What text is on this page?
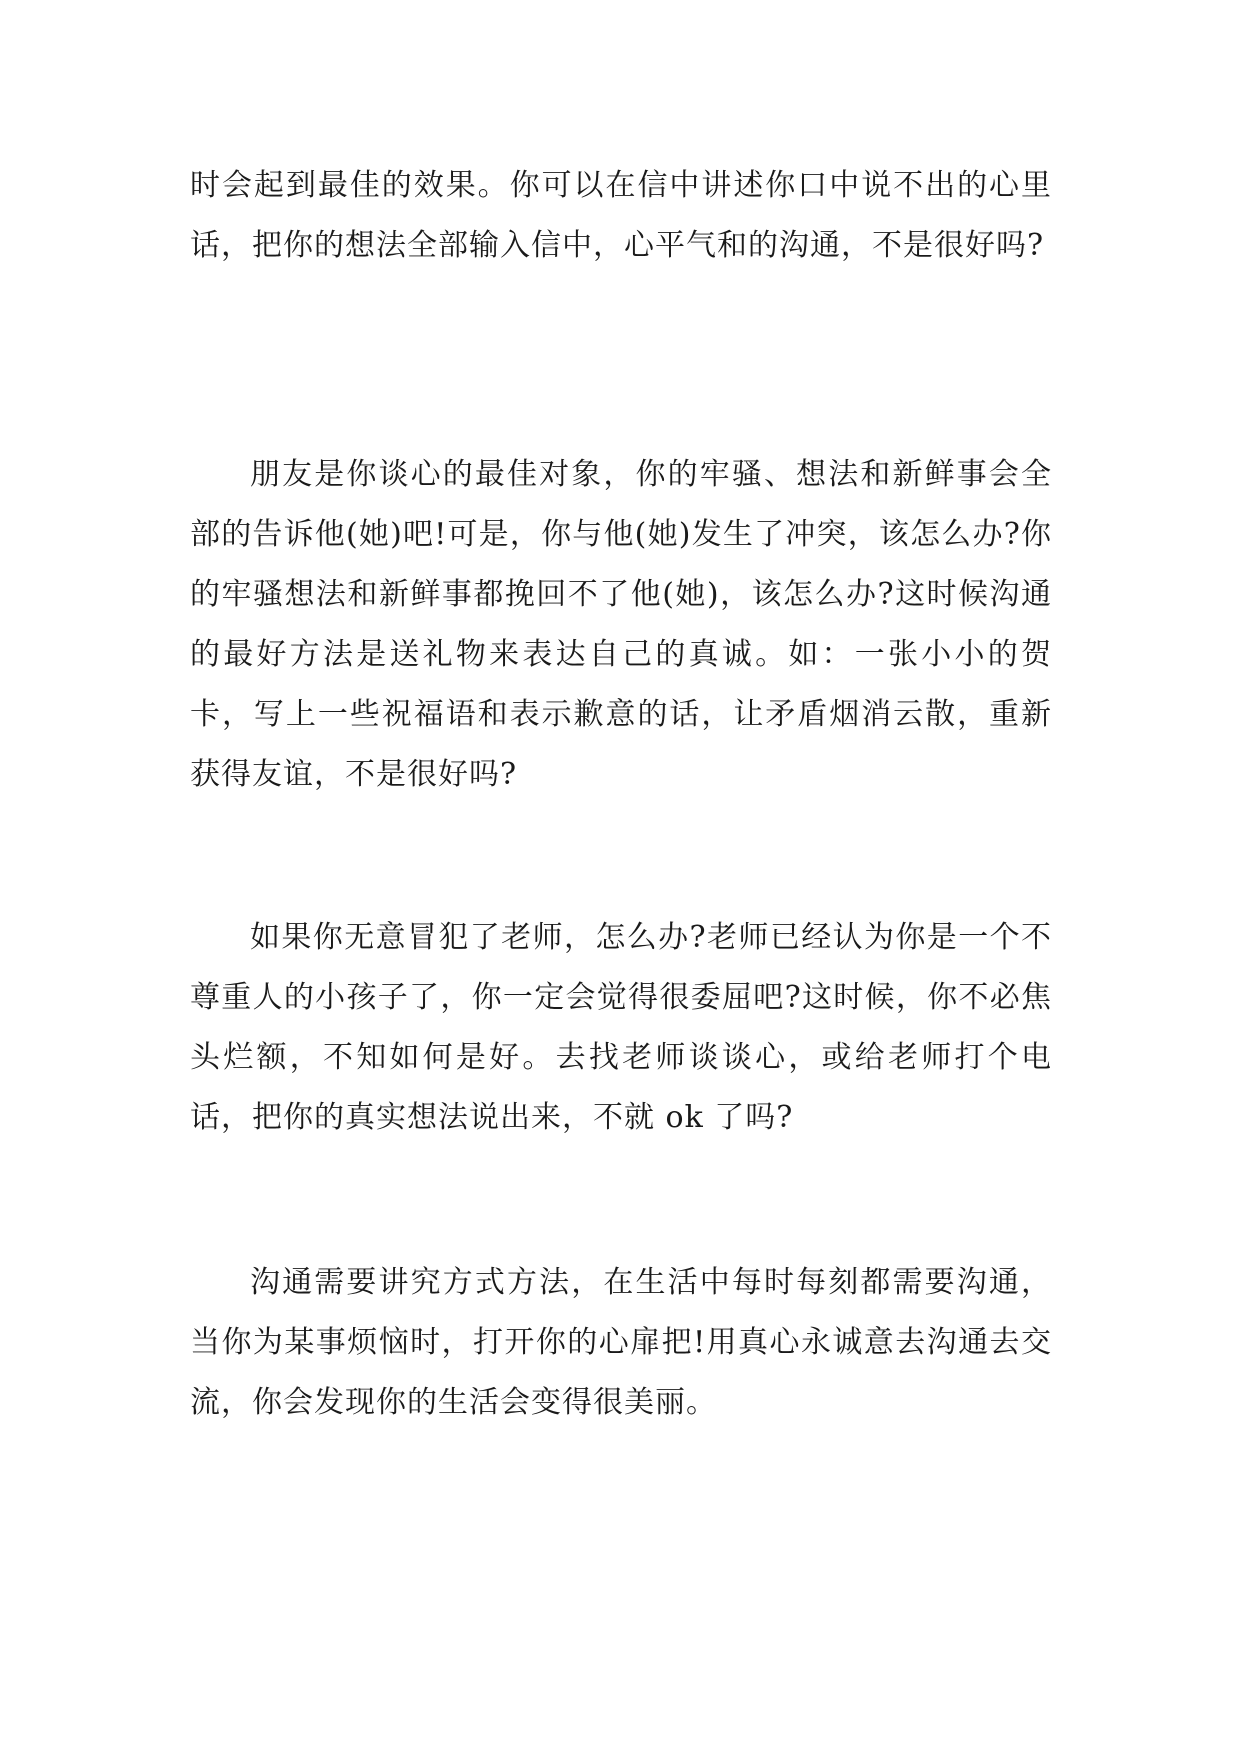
时会起到最佳的效果。你可以在信中讲述你口中说不出的心里话，把你的想法全部输入信中，心平气和的沟通，不是很好吗?

朋友是你谈心的最佳对象，你的牢骚、想法和新鲜事会全部的告诉他(她)吧!可是，你与他(她)发生了冲突，该怎么办?你的牢骚想法和新鲜事都挽回不了他(她)，该怎么办?这时候沟通的最好方法是送礼物来表达自己的真诚。如：一张小小的贺卡，写上一些祝福语和表示歉意的话，让矛盾烟消云散，重新获得友谊，不是很好吗?

如果你无意冒犯了老师，怎么办?老师已经认为你是一个不尊重人的小孩子了，你一定会觉得很委屈吧?这时候，你不必焦头烂额，不知如何是好。去找老师谈谈心，或给老师打个电话，把你的真实想法说出来，不就 ok 了吗?

沟通需要讲究方式方法，在生活中每时每刻都需要沟通，当你为某事烦恼时，打开你的心扉把!用真心永诚意去沟通去交流，你会发现你的生活会变得很美丽。
